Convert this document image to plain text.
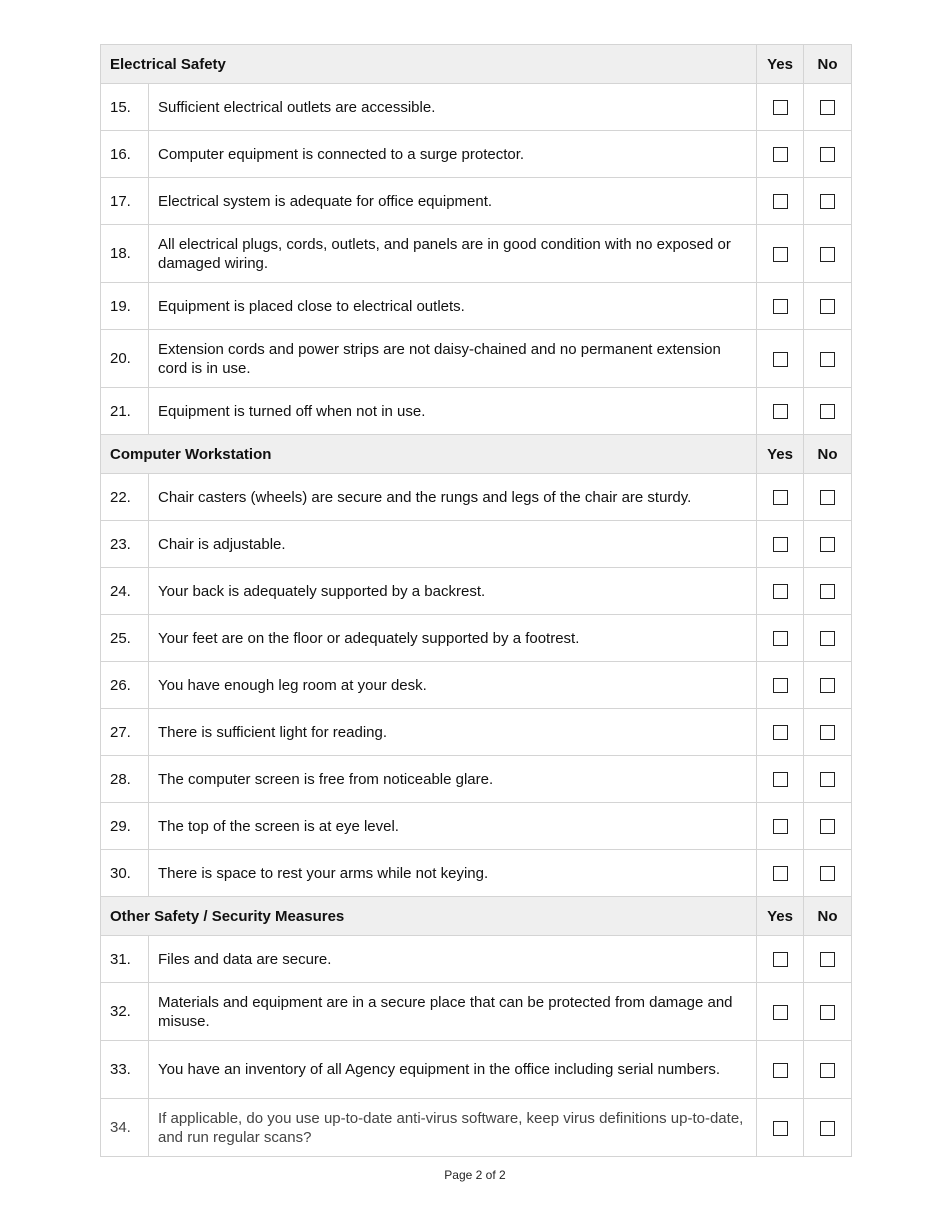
Electrical Safety		Yes	No
15.	Sufficient electrical outlets are accessible.		
16.	Computer equipment is connected to a surge protector.		
17.	Electrical system is adequate for office equipment.		
18.	All electrical plugs, cords, outlets, and panels are in good condition with no exposed or damaged wiring.		
19.	Equipment is placed close to electrical outlets.		
20.	Extension cords and power strips are not daisy-chained and no permanent extension cord is in use.		
21.	Equipment is turned off when not in use.		
Computer Workstation		Yes	No
22.	Chair casters (wheels) are secure and the rungs and legs of the chair are sturdy.		
23.	Chair is adjustable.		
24.	Your back is adequately supported by a backrest.		
25.	Your feet are on the floor or adequately supported by a footrest.		
26.	You have enough leg room at your desk.		
27.	There is sufficient light for reading.		
28.	The computer screen is free from noticeable glare.		
29.	The top of the screen is at eye level.		
30.	There is space to rest your arms while not keying.		
Other Safety / Security Measures		Yes	No
31.	Files and data are secure.		
32.	Materials and equipment are in a secure place that can be protected from damage and misuse.		
33.	You have an inventory of all Agency equipment in the office including serial numbers.		
34.	If applicable, do you use up-to-date anti-virus software, keep virus definitions up-to-date, and run regular scans?		
Page 2 of 2
